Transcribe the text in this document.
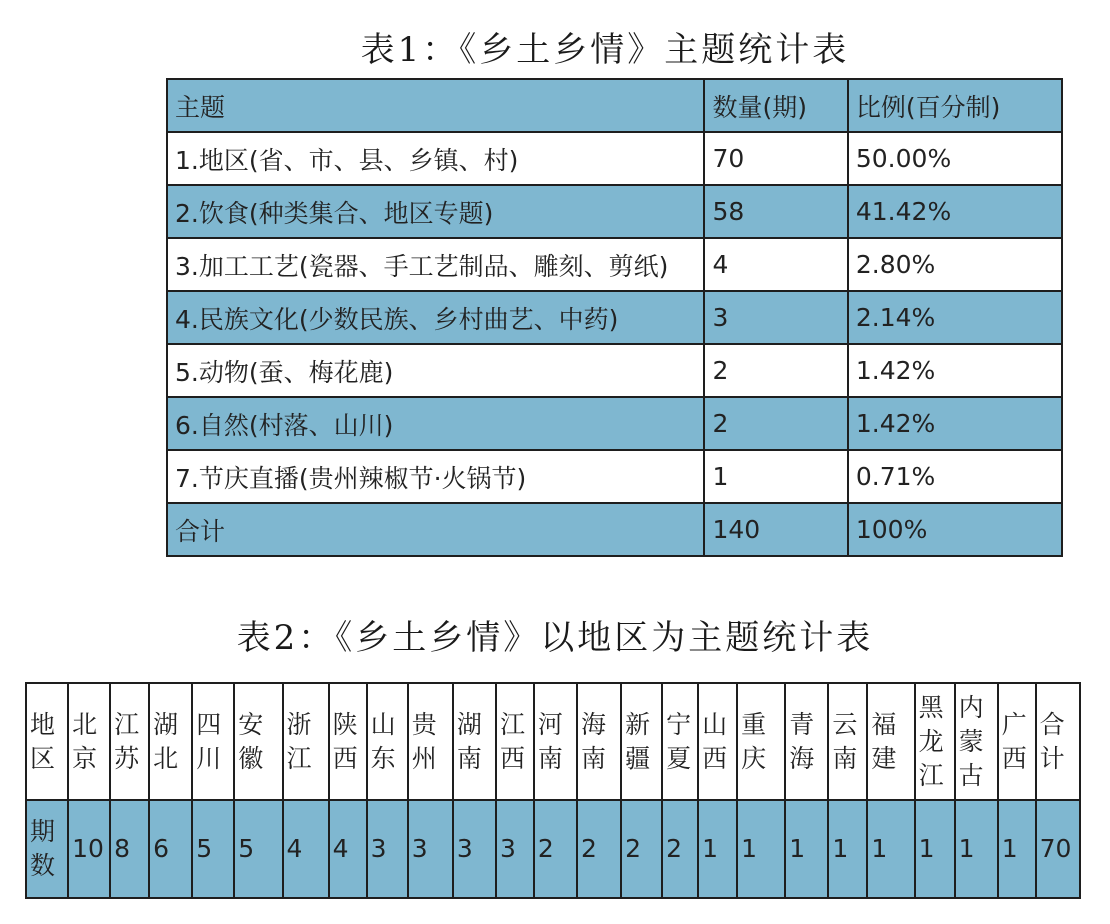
表1：《乡土乡情》主题统计表
主题	数量(期)	比例(百分制)
1.地区(省、市、县、乡镇、村)	70	50.00%
2.饮食(种类集合、地区专题)	58	41.42%
3.加工工艺(瓷器、手工艺制品、雕刻、剪纸)	4	2.80%
4.民族文化(少数民族、乡村曲艺、中药)	3	2.14%
5.动物(蚕、梅花鹿)	2	1.42%
6.自然(村落、山川)	2	1.42%
7.节庆直播(贵州辣椒节·火锅节)	1	0.71%
合计	140	100%
表2：《乡土乡情》以地区为主题统计表
地区	北京	江苏	湖北	四川	安徽	浙江	陕西	山东	贵州	湖南	江西	河南	海南	新疆	宁夏	山西	重庆	青海	云南	福建	黑龙江	内蒙古	广西	合计

期数	10	8	6	5	5	4	4	3	3	3	3	2	2	2	2	1	1	1	1	1	1	1	1	70
